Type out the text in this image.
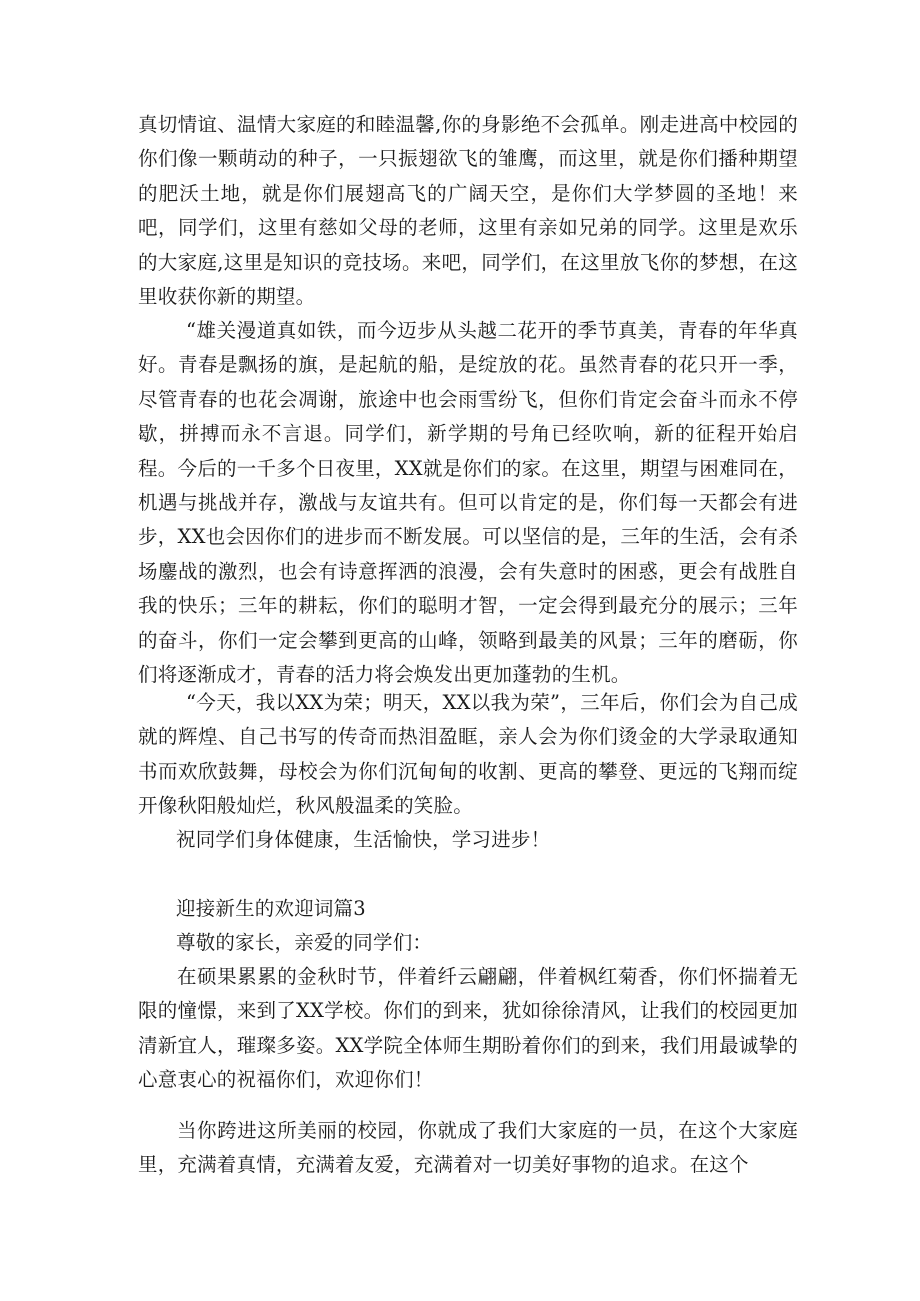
真切情谊、温情大家庭的和睦温馨,你的身影绝不会孤单。刚走进高中校园的你们像一颗萌动的种子，一只振翅欲飞的雏鹰，而这里，就是你们播种期望的肥沃土地，就是你们展翅高飞的广阔天空，是你们大学梦圆的圣地！来吧，同学们，这里有慈如父母的老师，这里有亲如兄弟的同学。这里是欢乐的大家庭,这里是知识的竞技场。来吧，同学们，在这里放飞你的梦想，在这里收获你新的期望。

“雄关漫道真如铁，而今迈步从头越二花开的季节真美，青春的年华真好。青春是飘扬的旗，是起航的船，是绽放的花。虽然青春的花只开一季，尽管青春的也花会凋谢，旅途中也会雨雪纷飞，但你们肯定会奋斗而永不停歇，拼搏而永不言退。同学们，新学期的号角已经吹响，新的征程开始启程。今后的一千多个日夜里，XX就是你们的家。在这里，期望与困难同在，机遇与挑战并存，激战与友谊共有。但可以肯定的是，你们每一天都会有进步，XX也会因你们的进步而不断发展。可以坚信的是，三年的生活，会有杀场鏖战的激烈，也会有诗意挥洒的浪漫，会有失意时的困惑，更会有战胜自我的快乐；三年的耕耘，你们的聪明才智，一定会得到最充分的展示；三年的奋斗，你们一定会攀到更高的山峰，领略到最美的风景；三年的磨砺，你们将逐渐成才，青春的活力将会焕发出更加蓬勃的生机。

“今天，我以XX为荣；明天，XX以我为荣”，三年后，你们会为自己成就的辉煌、自己书写的传奇而热泪盈眶，亲人会为你们烫金的大学录取通知书而欢欣鼓舞，母校会为你们沉甸甸的收割、更高的攀登、更远的飞翔而绽开像秋阳般灿烂，秋风般温柔的笑脸。

祝同学们身体健康，生活愉快，学习进步！

迎接新生的欢迎词篇3

尊敬的家长，亲爱的同学们：

在硕果累累的金秋时节，伴着纤云翩翩，伴着枫红菊香，你们怀揣着无限的憧憬，来到了XX学校。你们的到来，犹如徐徐清风，让我们的校园更加清新宜人，璀璨多姿。XX学院全体师生期盼着你们的到来，我们用最诚挚的心意衷心的祝福你们，欢迎你们！

当你跨进这所美丽的校园，你就成了我们大家庭的一员，在这个大家庭里，充满着真情，充满着友爱，充满着对一切美好事物的追求。在这个
